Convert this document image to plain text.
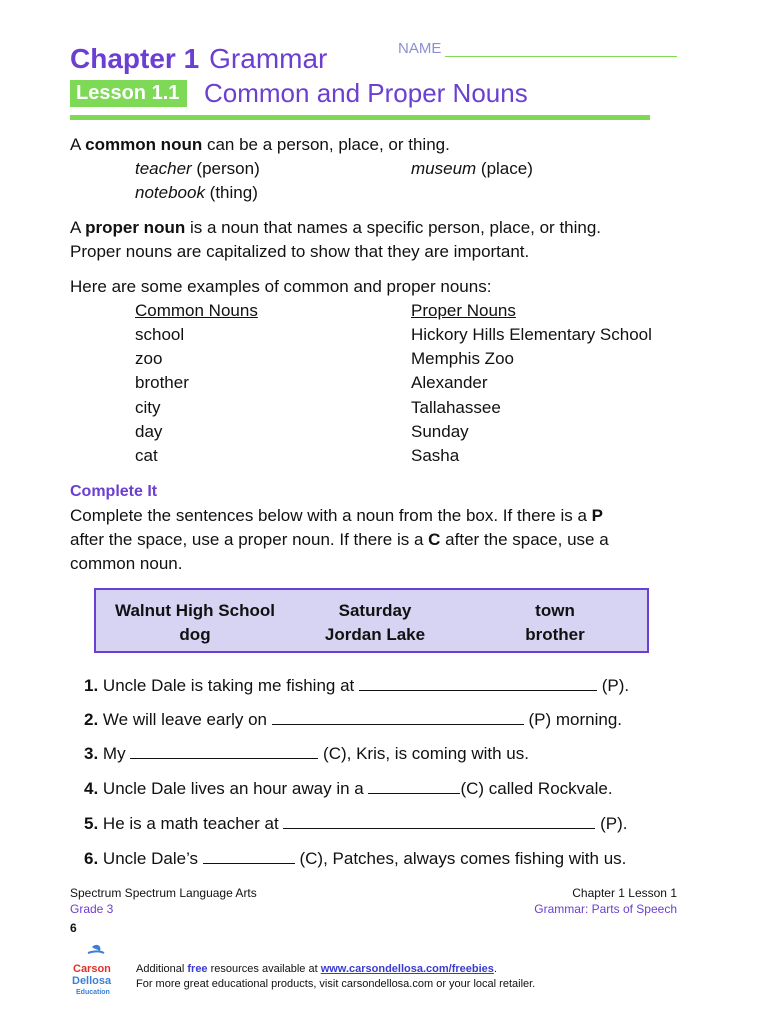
Chapter 1 Grammar	NAME
Lesson 1.1 Common and Proper Nouns
A common noun can be a person, place, or thing.
teacher (person)	museum (place)
notebook (thing)
A proper noun is a noun that names a specific person, place, or thing.
Proper nouns are capitalized to show that they are important.
Here are some examples of common and proper nouns:
Common Nouns	Proper Nouns
school	Hickory Hills Elementary School
zoo	Memphis Zoo
brother	Alexander
city	Tallahassee
day	Sunday
cat	Sasha
Complete It
Complete the sentences below with a noun from the box. If there is a P
after the space, use a proper noun. If there is a C after the space, use a
common noun.
Walnut High School	Saturday	town
dog	Jordan Lake	brother
1. Uncle Dale is taking me fishing at	(P).
2. We will leave early on	(P) morning.
3. My	(C), Kris, is coming with us.
4. Uncle Dale lives an hour away in a	(C) called Rockvale.
5. He is a math teacher at	(P).
6. Uncle Dale’s	(C), Patches, always comes fishing with us.
Spectrum Spectrum Language Arts
Grade 3
6
Chapter 1 Lesson 1
Grammar: Parts of Speech
Carson
Dellosa
Education
Additional free resources available at www.carsondellosa.com/freebies.
For more great educational products, visit carsondellosa.com or your local retailer.
